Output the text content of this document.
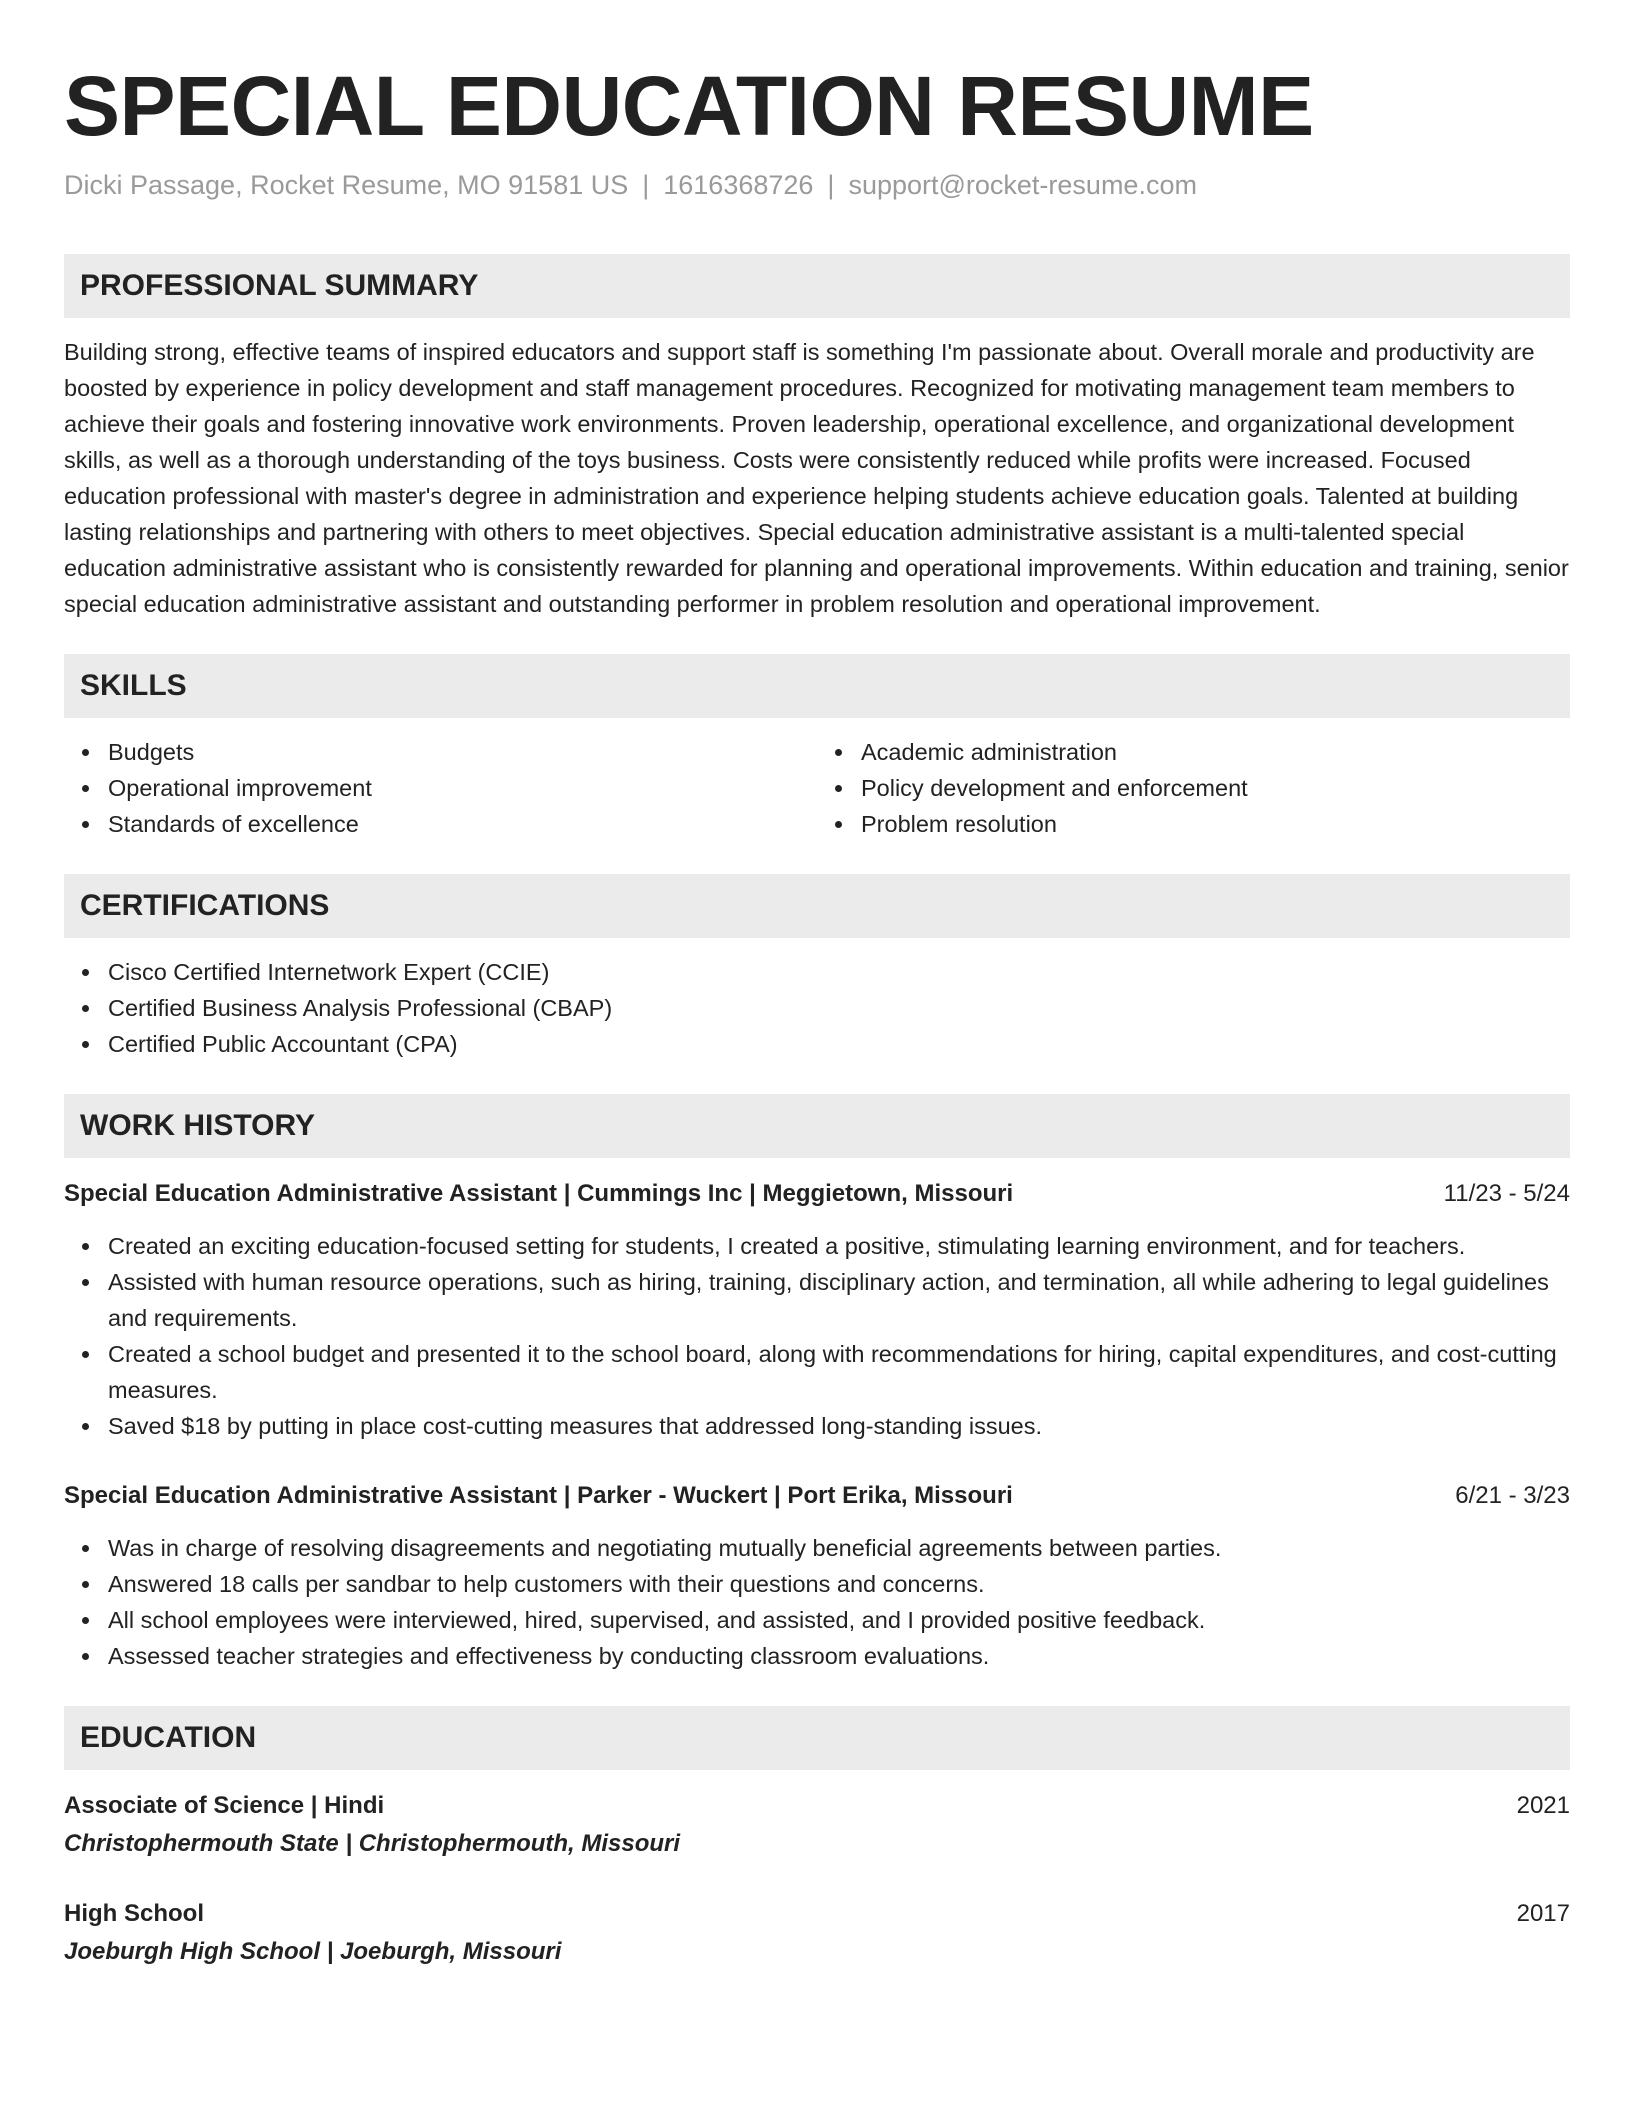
SPECIAL EDUCATION RESUME
Dicki Passage, Rocket Resume, MO 91581 US | 1616368726 | support@rocket-resume.com
PROFESSIONAL SUMMARY
Building strong, effective teams of inspired educators and support staff is something I'm passionate about. Overall morale and productivity are boosted by experience in policy development and staff management procedures. Recognized for motivating management team members to achieve their goals and fostering innovative work environments. Proven leadership, operational excellence, and organizational development skills, as well as a thorough understanding of the toys business. Costs were consistently reduced while profits were increased. Focused education professional with master's degree in administration and experience helping students achieve education goals. Talented at building lasting relationships and partnering with others to meet objectives. Special education administrative assistant is a multi-talented special education administrative assistant who is consistently rewarded for planning and operational improvements. Within education and training, senior special education administrative assistant and outstanding performer in problem resolution and operational improvement.
SKILLS
Budgets
Operational improvement
Standards of excellence
Academic administration
Policy development and enforcement
Problem resolution
CERTIFICATIONS
Cisco Certified Internetwork Expert (CCIE)
Certified Business Analysis Professional (CBAP)
Certified Public Accountant (CPA)
WORK HISTORY
Special Education Administrative Assistant | Cummings Inc | Meggietown, Missouri	11/23 - 5/24
Created an exciting education-focused setting for students, I created a positive, stimulating learning environment, and for teachers.
Assisted with human resource operations, such as hiring, training, disciplinary action, and termination, all while adhering to legal guidelines and requirements.
Created a school budget and presented it to the school board, along with recommendations for hiring, capital expenditures, and cost-cutting measures.
Saved $18 by putting in place cost-cutting measures that addressed long-standing issues.
Special Education Administrative Assistant | Parker - Wuckert | Port Erika, Missouri	6/21 - 3/23
Was in charge of resolving disagreements and negotiating mutually beneficial agreements between parties.
Answered 18 calls per sandbar to help customers with their questions and concerns.
All school employees were interviewed, hired, supervised, and assisted, and I provided positive feedback.
Assessed teacher strategies and effectiveness by conducting classroom evaluations.
EDUCATION
Associate of Science | Hindi	2021
Christophermouth State | Christophermouth, Missouri
High School	2017
Joeburgh High School | Joeburgh, Missouri
